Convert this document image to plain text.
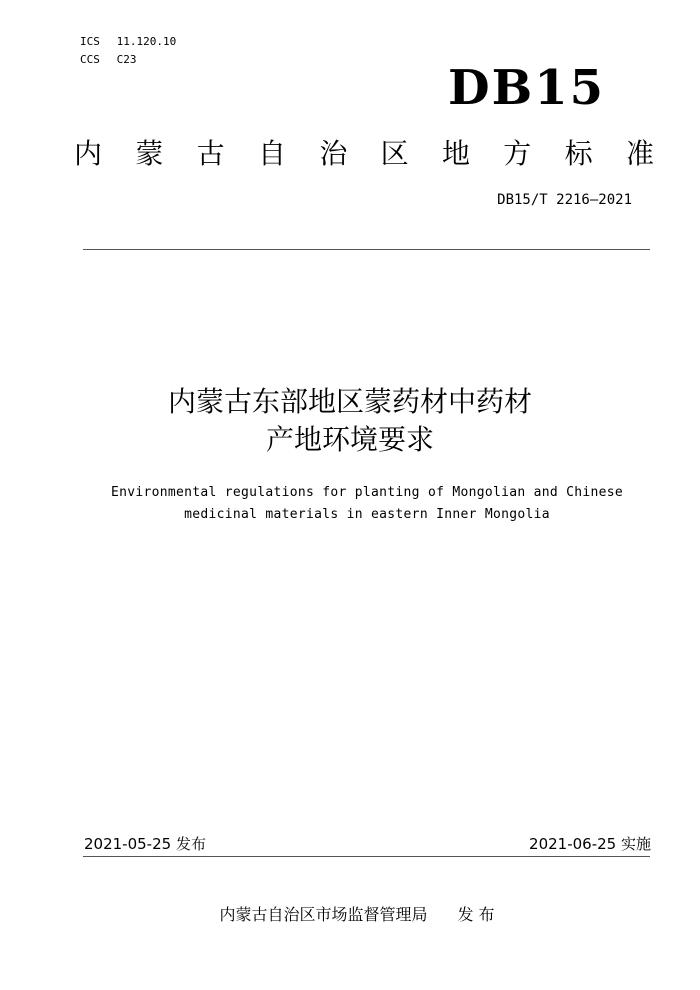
ICS 11.120.10
CCS C23
DB15
内 蒙 古 自 治 区 地 方 标 准
DB15/T 2216—2021
内蒙古东部地区蒙药材中药材
产地环境要求
Environmental regulations for planting of Mongolian and Chinese
medicinal materials in eastern Inner Mongolia
2021-05-25 发布	2021-06-25 实施
内蒙古自治区市场监督管理局 发 布
